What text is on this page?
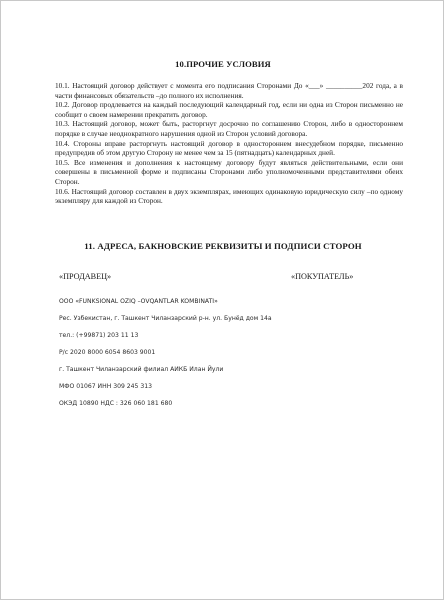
10.ПРОЧИЕ УСЛОВИЯ

10.1. Настоящий договор действует с момента его подписания Сторонами До «___» __________202 года, а в части финансовых обязательств –до полного их исполнения.

10.2. Договор продлевается на каждый последующий календарный год, если ни одна из Сторон письменно не сообщит о своем намерении прекратить договор.

10.3. Настоящий договор, может быть, расторгнут досрочно по соглашению Сторон, либо в одностороннем порядке в случае неоднократного нарушения одной из Сторон условий договора.

10.4. Стороны вправе расторгнуть настоящий договор в одностороннем внесудебном порядке, письменно предупредив об этом другую Сторону не менее чем за 15 (пятнадцать) календарных дней.

10.5. Все изменения и дополнения к настоящему договору будут являться действительными, если они совершены в письменной форме и подписаны Сторонами либо уполномоченными представителями обеих Сторон.

10.6. Настоящий договор составлен в двух экземплярах, имеющих одинаковую юридическую силу –по одному экземпляру для каждой из Сторон.

11. АДРЕСА, БАКНОВСКИЕ РЕКВИЗИТЫ И ПОДПИСИ СТОРОН
«ПРОДАВЕЦ»	«ПОКУПАТЕЛЬ»
ООО «FUNKSIONAL OZIQ –OVQANTLAR KOMBINATI»
Рес. Узбекистан, г. Ташкент Чиланзарский р-н. ул. Бунёд дом 14а
тел.: (+99871) 203 11 13
Р/с 2020 8000 6054 8603 9001
г. Ташкент Чиланзарский филиал АИКБ Илан Йули
МФО 01067 ИНН 309 245 313
ОКЭД 10890 НДС : 326 060 181 680
